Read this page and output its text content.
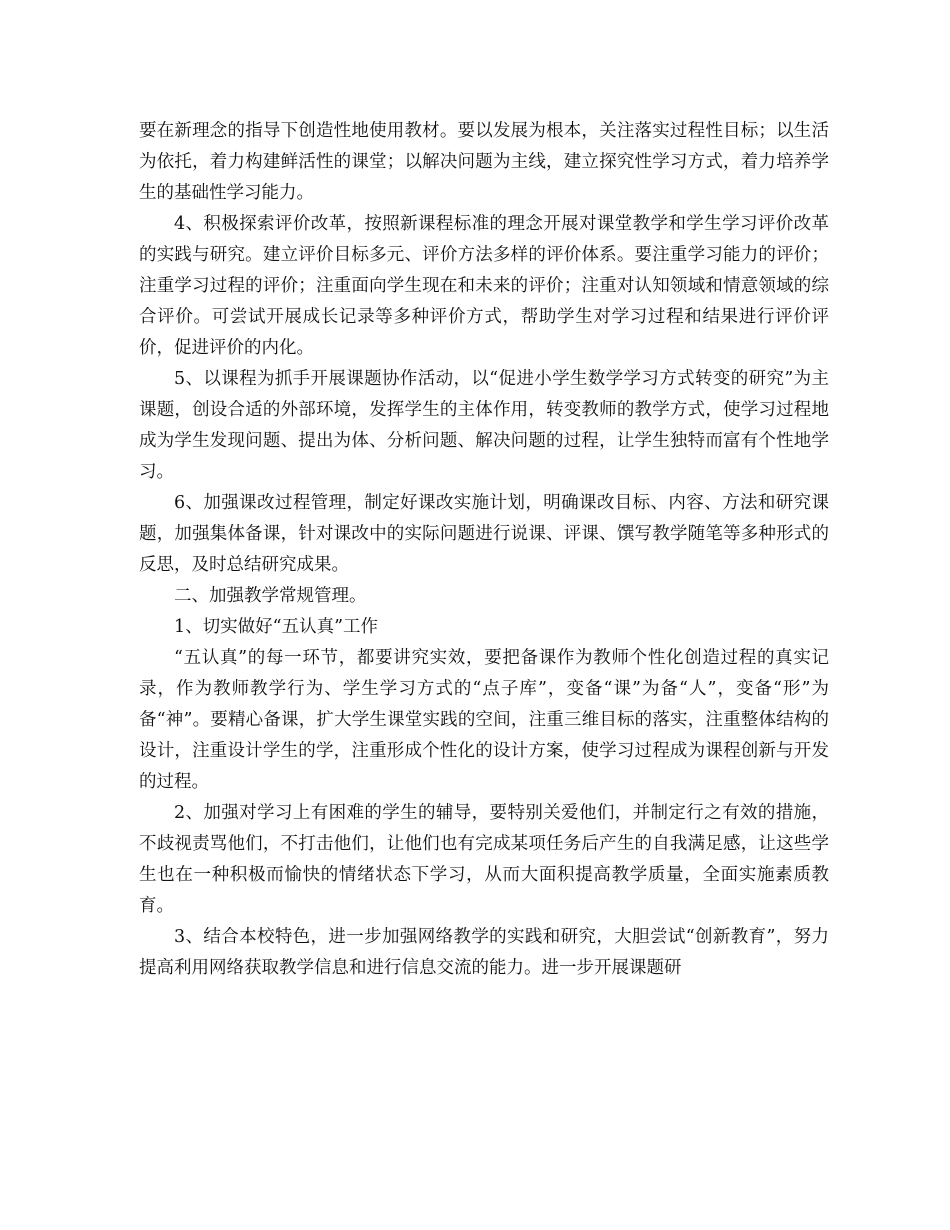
要在新理念的指导下创造性地使用教材。要以发展为根本，关注落实过程性目标；以生活为依托，着力构建鲜活性的课堂；以解决问题为主线，建立探究性学习方式，着力培养学生的基础性学习能力。

4、积极探索评价改革，按照新课程标准的理念开展对课堂教学和学生学习评价改革的实践与研究。建立评价目标多元、评价方法多样的评价体系。要注重学习能力的评价；注重学习过程的评价；注重面向学生现在和未来的评价；注重对认知领域和情意领域的综合评价。可尝试开展成长记录等多种评价方式，帮助学生对学习过程和结果进行评价评价，促进评价的内化。

5、以课程为抓手开展课题协作活动，以“促进小学生数学学习方式转变的研究”为主课题，创设合适的外部环境，发挥学生的主体作用，转变教师的教学方式，使学习过程地成为学生发现问题、提出为体、分析问题、解决问题的过程，让学生独特而富有个性地学习。

6、加强课改过程管理，制定好课改实施计划，明确课改目标、内容、方法和研究课题，加强集体备课，针对课改中的实际问题进行说课、评课、馔写教学随笔等多种形式的反思，及时总结研究成果。

二、加强教学常规管理。

1、切实做好“五认真”工作

“五认真”的每一环节，都要讲究实效，要把备课作为教师个性化创造过程的真实记录，作为教师教学行为、学生学习方式的“点子库”，变备“课”为备“人”，变备“形”为备“神”。要精心备课，扩大学生课堂实践的空间，注重三维目标的落实，注重整体结构的设计，注重设计学生的学，注重形成个性化的设计方案，使学习过程成为课程创新与开发的过程。

2、加强对学习上有困难的学生的辅导，要特别关爱他们，并制定行之有效的措施，不歧视责骂他们，不打击他们，让他们也有完成某项任务后产生的自我满足感，让这些学生也在一种积极而愉快的情绪状态下学习，从而大面积提高教学质量，全面实施素质教育。

3、结合本校特色，进一步加强网络教学的实践和研究，大胆尝试“创新教育”，努力提高利用网络获取教学信息和进行信息交流的能力。进一步开展课题研
